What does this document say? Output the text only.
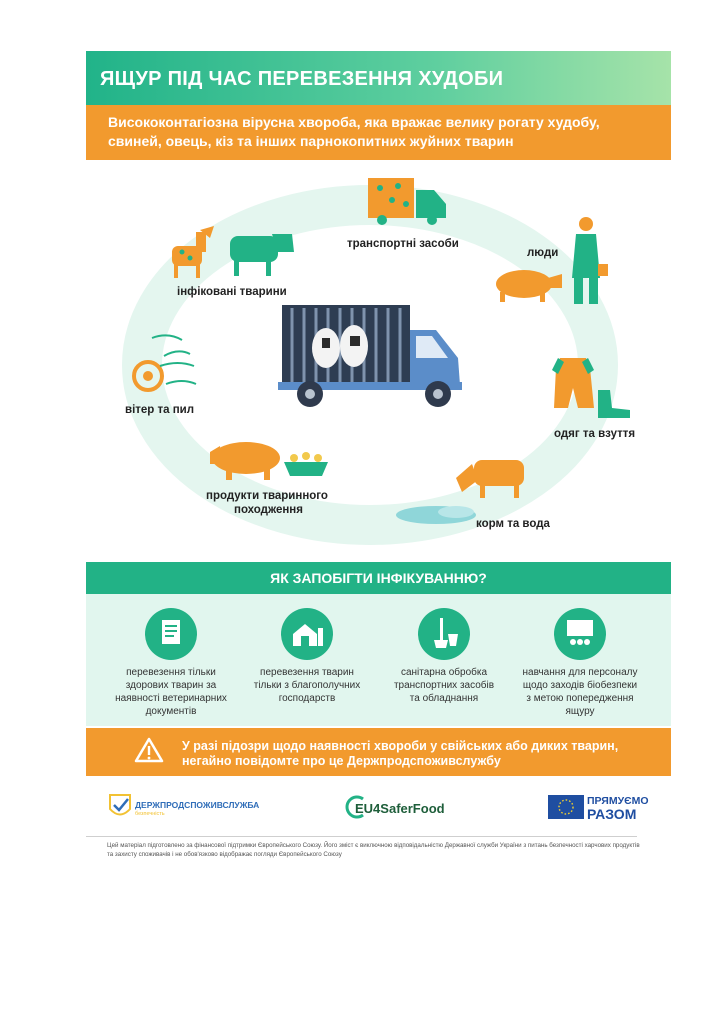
ЯЩУР ПІД ЧАС ПЕРЕВЕЗЕННЯ ХУДОБИ
Висококонтагіозна вірусна хвороба, яка вражає велику рогату худобу, свиней, овець, кіз та інших парнокопитних жуйних тварин
транспортні засоби
люди
одяг та взуття
корм та вода
продукти тваринного
походження
вітер та пил
інфіковані тварини
ЯК ЗАПОБІГТИ ІНФІКУВАННЮ?
перевезення тільки
здорових тварин за
наявності ветеринарних
документів
перевезення тварин
тільки з благополучних
господарств
санітарна обробка
транспортних засобів
та обладнання
навчання для персоналу
щодо заходів біобезпеки
з метою попередження
ящуру
У разі підозри щодо наявності хвороби у свійських або диких тварин,
негайно повідомте про це Держпродспоживслужбу
ДЕРЖПРОДСПОЖИВСЛУЖБА
безпечність	EU4SaferFood	ПРЯМУЄМО
РАЗОМ
Цей матеріал підготовлено за фінансової підтримки Європейського Союзу. Його зміст є виключною відповідальністю Державної служби України з питань безпечності харчових продуктів та захисту споживачів і не обов'язково відображає погляди Європейського Союзу
